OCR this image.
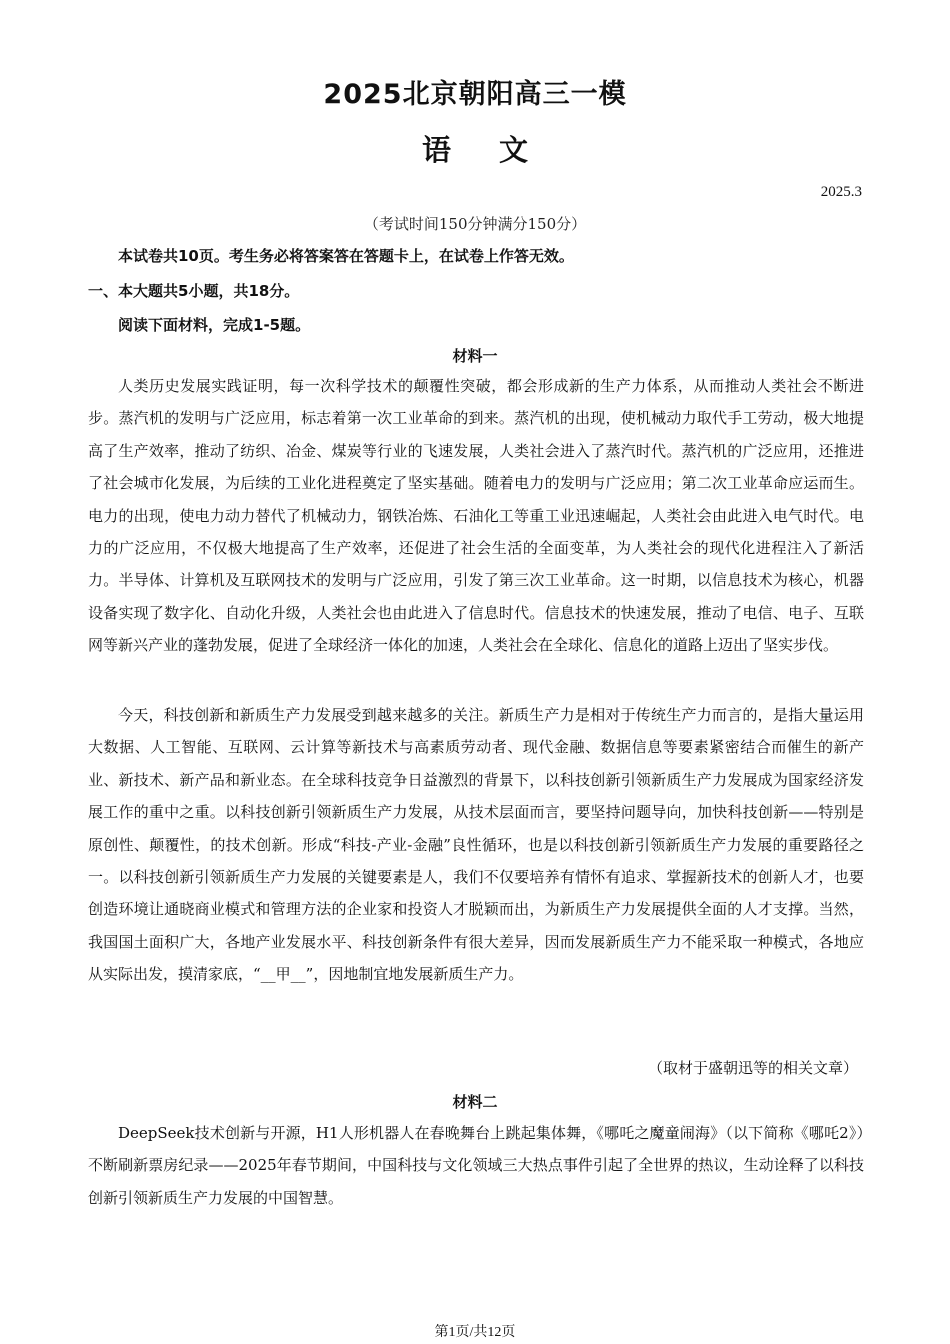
2025北京朝阳高三一模
语文
2025.3
（考试时间150分钟满分150分）
本试卷共10页。考生务必将答案答在答题卡上，在试卷上作答无效。
一、本大题共5小题，共18分。
阅读下面材料，完成1-5题。
材料一

人类历史发展实践证明，每一次科学技术的颠覆性突破，都会形成新的生产力体系，从而推动人类社会不断进步。蒸汽机的发明与广泛应用，标志着第一次工业革命的到来。蒸汽机的出现，使机械动力取代手工劳动，极大地提高了生产效率，推动了纺织、冶金、煤炭等行业的飞速发展，人类社会进入了蒸汽时代。蒸汽机的广泛应用，还推进了社会城市化发展，为后续的工业化进程奠定了坚实基础。随着电力的发明与广泛应用；第二次工业革命应运而生。电力的出现，使电力动力替代了机械动力，钢铁冶炼、石油化工等重工业迅速崛起，人类社会由此进入电气时代。电力的广泛应用，不仅极大地提高了生产效率，还促进了社会生活的全面变革，为人类社会的现代化进程注入了新活力。半导体、计算机及互联网技术的发明与广泛应用，引发了第三次工业革命。这一时期，以信息技术为核心，机器设备实现了数字化、自动化升级，人类社会也由此进入了信息时代。信息技术的快速发展，推动了电信、电子、互联网等新兴产业的蓬勃发展，促进了全球经济一体化的加速，人类社会在全球化、信息化的道路上迈出了坚实步伐。

今天，科技创新和新质生产力发展受到越来越多的关注。新质生产力是相对于传统生产力而言的，是指大量运用大数据、人工智能、互联网、云计算等新技术与高素质劳动者、现代金融、数据信息等要素紧密结合而催生的新产业、新技术、新产品和新业态。在全球科技竞争日益激烈的背景下，以科技创新引领新质生产力发展成为国家经济发展工作的重中之重。以科技创新引领新质生产力发展，从技术层面而言，要坚持问题导向，加快科技创新——特别是原创性、颠覆性，的技术创新。形成“科技-产业-金融”良性循环，也是以科技创新引领新质生产力发展的重要路径之一。以科技创新引领新质生产力发展的关键要素是人，我们不仅要培养有情怀有追求、掌握新技术的创新人才，也要创造环境让通晓商业模式和管理方法的企业家和投资人才脱颖而出，为新质生产力发展提供全面的人才支撑。当然，我国国土面积广大，各地产业发展水平、科技创新条件有很大差异，因而发展新质生产力不能采取一种模式，各地应从实际出发，摸清家底，“__甲__”，因地制宜地发展新质生产力。

（取材于盛朝迅等的相关文章）
材料二

DeepSeek技术创新与开源，H1人形机器人在春晚舞台上跳起集体舞，《哪吒之魔童闹海》（以下简称《哪吒2》）不断刷新票房纪录——2025年春节期间，中国科技与文化领域三大热点事件引起了全世界的热议，生动诠释了以科技创新引领新质生产力发展的中国智慧。

第1页/共12页
